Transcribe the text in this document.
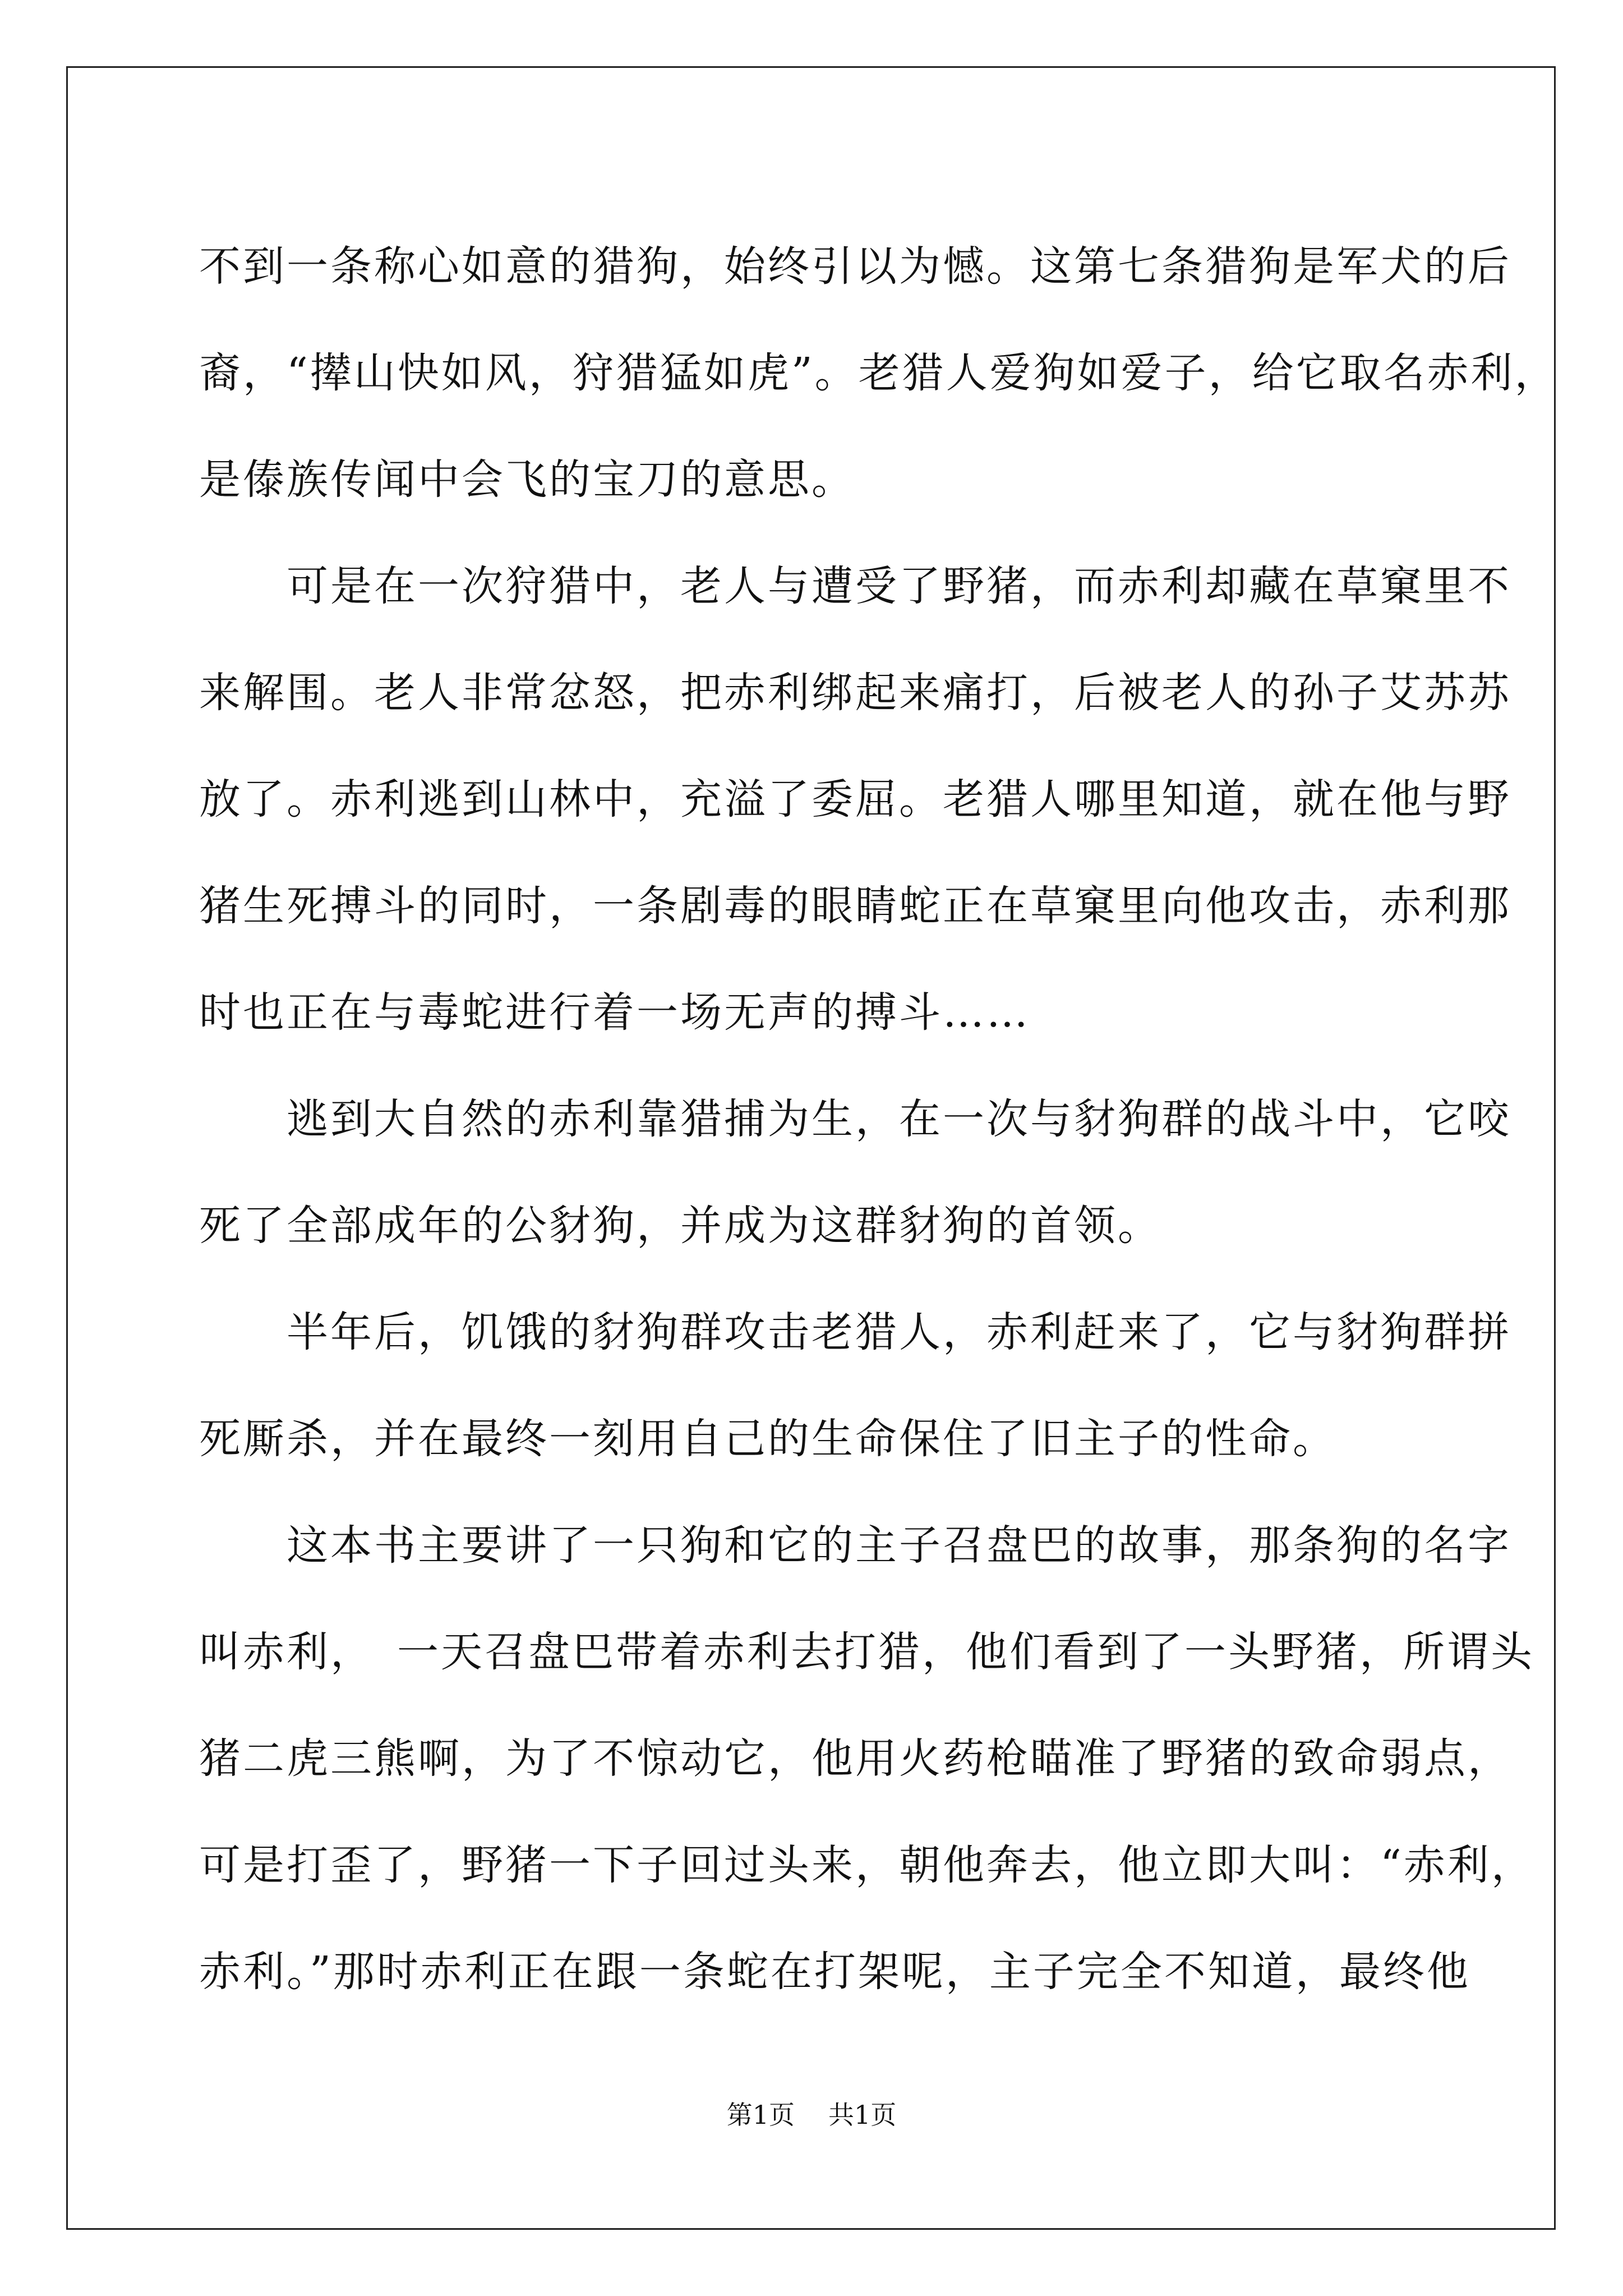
不到一条称心如意的猎狗，始终引以为憾。这第七条猎狗是军犬的后
裔，“撵山快如风，狩猎猛如虎”。老猎人爱狗如爱子，给它取名赤利，
是傣族传闻中会飞的宝刀的意思。
　　可是在一次狩猎中，老人与遭受了野猪，而赤利却藏在草窠里不
来解围。老人非常忿怒，把赤利绑起来痛打，后被老人的孙子艾苏苏
放了。赤利逃到山林中，充溢了委屈。老猎人哪里知道，就在他与野
猪生死搏斗的同时，一条剧毒的眼睛蛇正在草窠里向他攻击，赤利那
时也正在与毒蛇进行着一场无声的搏斗……
　　逃到大自然的赤利靠猎捕为生，在一次与豺狗群的战斗中，它咬
死了全部成年的公豺狗，并成为这群豺狗的首领。
　　半年后，饥饿的豺狗群攻击老猎人，赤利赶来了，它与豺狗群拼
死厮杀，并在最终一刻用自己的生命保住了旧主子的性命。
　　这本书主要讲了一只狗和它的主子召盘巴的故事，那条狗的名字
叫赤利，　一天召盘巴带着赤利去打猎，他们看到了一头野猪，所谓头
猪二虎三熊啊，为了不惊动它，他用火药枪瞄准了野猪的致命弱点，
可是打歪了，野猪一下子回过头来，朝他奔去，他立即大叫：“赤利，
赤利。”那时赤利正在跟一条蛇在打架呢，主子完全不知道，最终他
第1页 共1页
